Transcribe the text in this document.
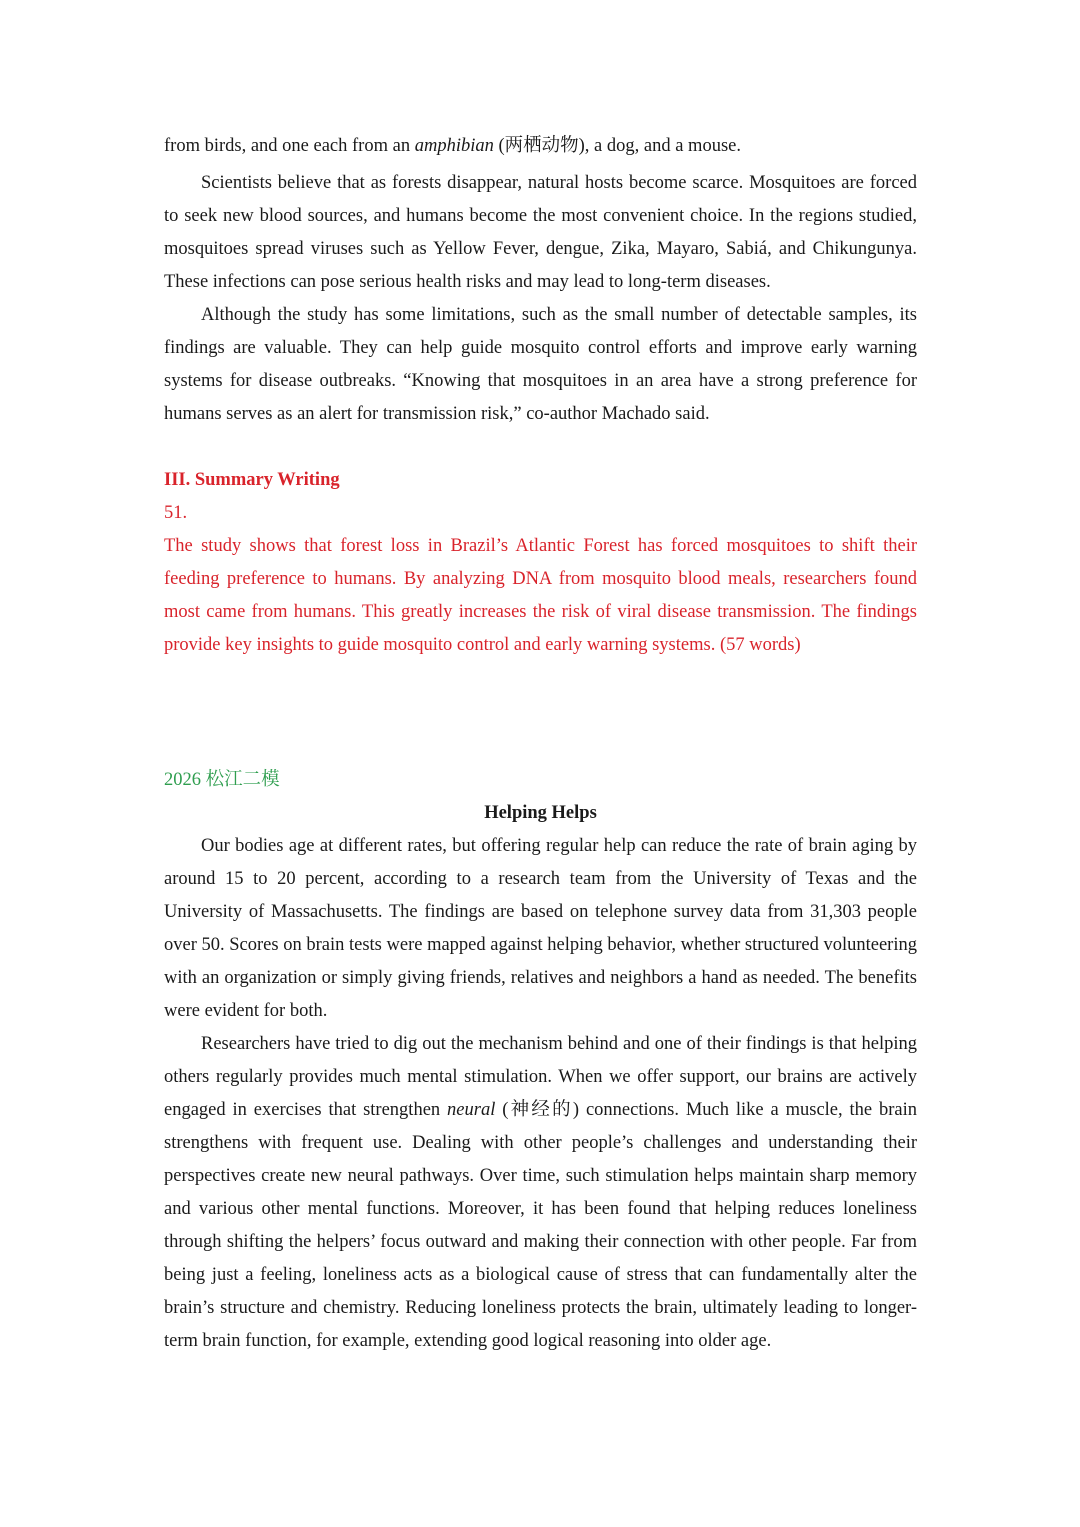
from birds, and one each from an amphibian (两栖动物), a dog, and a mouse.

Scientists believe that as forests disappear, natural hosts become scarce. Mosquitoes are forced to seek new blood sources, and humans become the most convenient choice. In the regions studied, mosquitoes spread viruses such as Yellow Fever, dengue, Zika, Mayaro, Sabiá, and Chikungunya. These infections can pose serious health risks and may lead to long-term diseases.

Although the study has some limitations, such as the small number of detectable samples, its findings are valuable. They can help guide mosquito control efforts and improve early warning systems for disease outbreaks. “Knowing that mosquitoes in an area have a strong preference for humans serves as an alert for transmission risk,” co-author Machado said.

III. Summary Writing
51.

The study shows that forest loss in Brazil’s Atlantic Forest has forced mosquitoes to shift their feeding preference to humans. By analyzing DNA from mosquito blood meals, researchers found most came from humans. This greatly increases the risk of viral disease transmission. The findings provide key insights to guide mosquito control and early warning systems. (57 words)

2026 松江二模
Helping Helps

Our bodies age at different rates, but offering regular help can reduce the rate of brain aging by around 15 to 20 percent, according to a research team from the University of Texas and the University of Massachusetts. The findings are based on telephone survey data from 31,303 people over 50. Scores on brain tests were mapped against helping behavior, whether structured volunteering with an organization or simply giving friends, relatives and neighbors a hand as needed. The benefits were evident for both.

Researchers have tried to dig out the mechanism behind and one of their findings is that helping others regularly provides much mental stimulation. When we offer support, our brains are actively engaged in exercises that strengthen neural (神经的) connections. Much like a muscle, the brain strengthens with frequent use. Dealing with other people’s challenges and understanding their perspectives create new neural pathways. Over time, such stimulation helps maintain sharp memory and various other mental functions. Moreover, it has been found that helping reduces loneliness through shifting the helpers’ focus outward and making their connection with other people. Far from being just a feeling, loneliness acts as a biological cause of stress that can fundamentally alter the brain’s structure and chemistry. Reducing loneliness protects the brain, ultimately leading to longer-term brain function, for example, extending good logical reasoning into older age.
